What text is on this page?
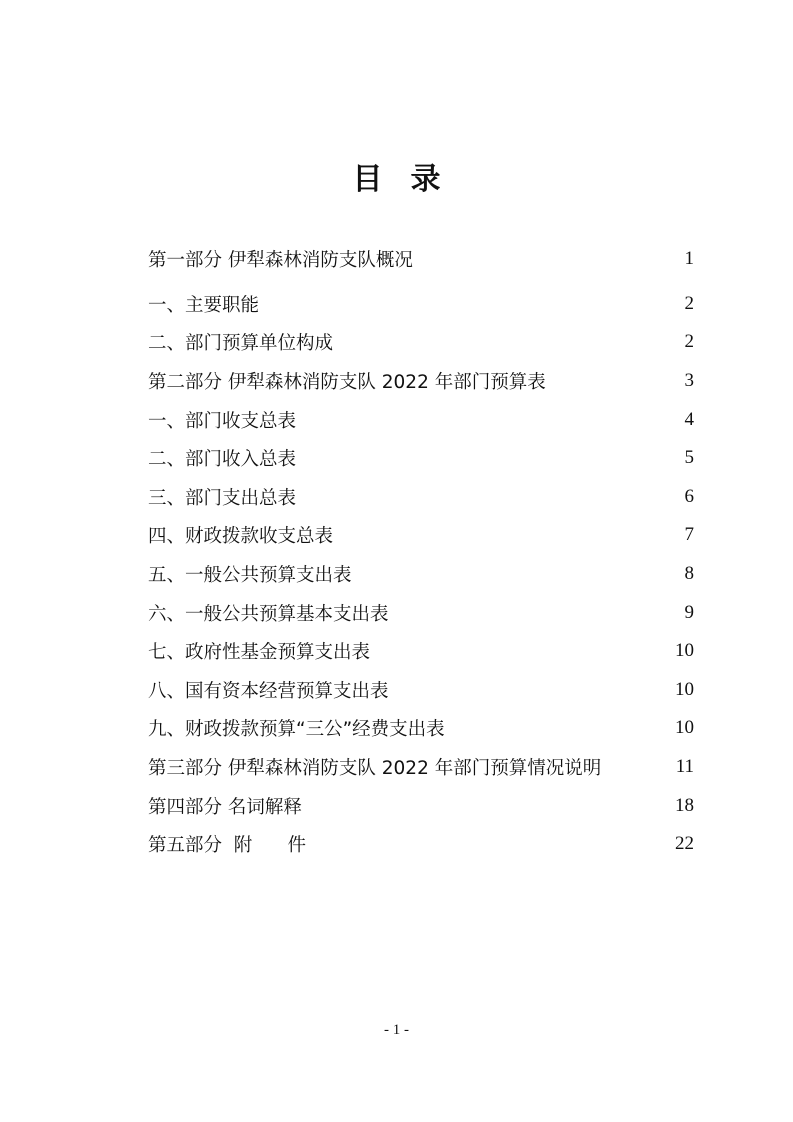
目录
第一部分 伊犁森林消防支队概况	1
一、主要职能	2
二、部门预算单位构成	2
第二部分 伊犁森林消防支队 2022 年部门预算表	3
一、部门收支总表	4
二、部门收入总表	5
三、部门支出总表	6
四、财政拨款收支总表	7
五、一般公共预算支出表	8
六、一般公共预算基本支出表	9
七、政府性基金预算支出表	10
八、国有资本经营预算支出表	10
九、财政拨款预算“三公”经费支出表	10
第三部分 伊犁森林消防支队 2022 年部门预算情况说明	11
第四部分 名词解释	18
第五部分  附      件	22
- 1 -
